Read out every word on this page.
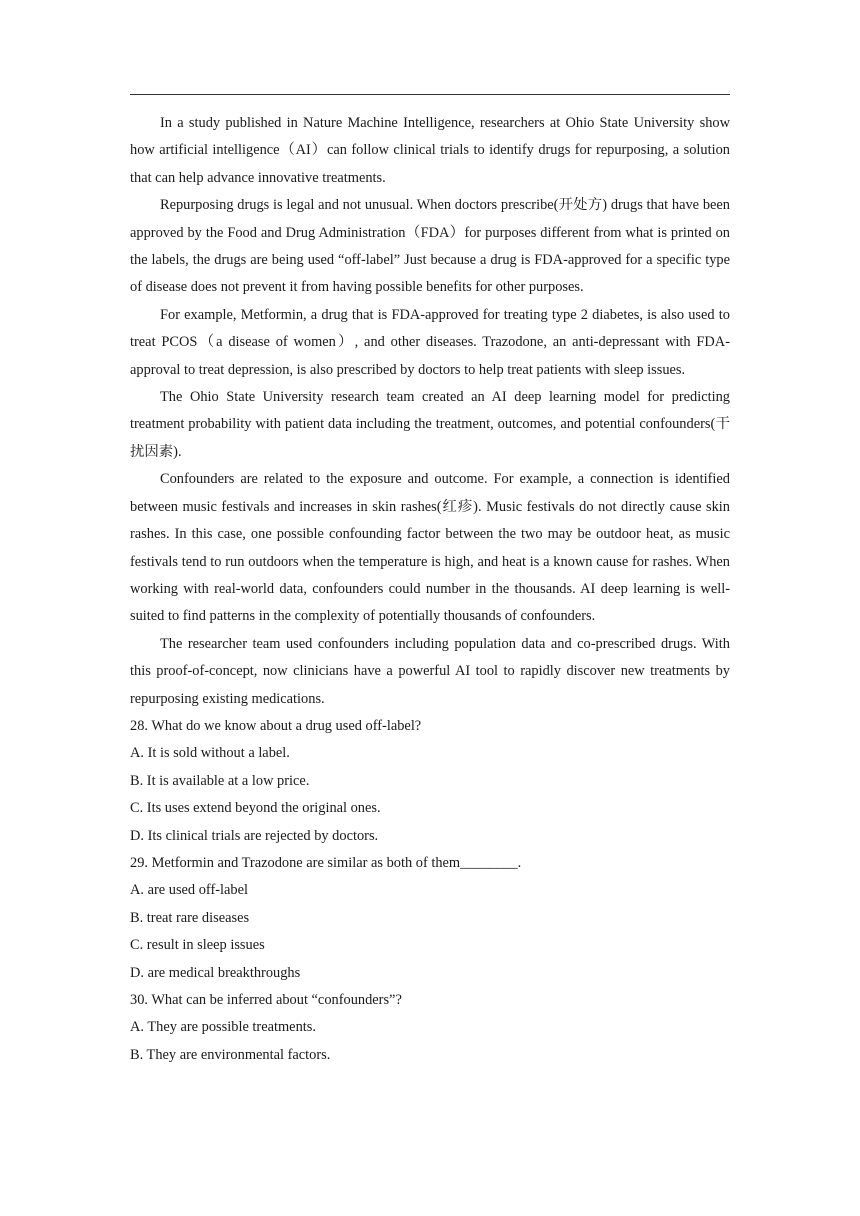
In a study published in Nature Machine Intelligence, researchers at Ohio State University show how artificial intelligence（AI）can follow clinical trials to identify drugs for repurposing, a solution that can help advance innovative treatments.

Repurposing drugs is legal and not unusual. When doctors prescribe(开处方) drugs that have been approved by the Food and Drug Administration（FDA）for purposes different from what is printed on the labels, the drugs are being used “off-label” Just because a drug is FDA-approved for a specific type of disease does not prevent it from having possible benefits for other purposes.

For example, Metformin, a drug that is FDA-approved for treating type 2 diabetes, is also used to treat PCOS（a disease of women）, and other diseases. Trazodone, an anti-depressant with FDA-approval to treat depression, is also prescribed by doctors to help treat patients with sleep issues.

The Ohio State University research team created an AI deep learning model for predicting treatment probability with patient data including the treatment, outcomes, and potential confounders(干扰因素).

Confounders are related to the exposure and outcome. For example, a connection is identified between music festivals and increases in skin rashes(红疹). Music festivals do not directly cause skin rashes. In this case, one possible confounding factor between the two may be outdoor heat, as music festivals tend to run outdoors when the temperature is high, and heat is a known cause for rashes. When working with real-world data, confounders could number in the thousands. AI deep learning is well-suited to find patterns in the complexity of potentially thousands of confounders.

The researcher team used confounders including population data and co-prescribed drugs. With this proof-of-concept, now clinicians have a powerful AI tool to rapidly discover new treatments by repurposing existing medications.

28. What do we know about a drug used off-label?

A. It is sold without a label.

B. It is available at a low price.

C. Its uses extend beyond the original ones.

D. Its clinical trials are rejected by doctors.

29. Metformin and Trazodone are similar as both of them________.

A. are used off-label

B. treat rare diseases

C. result in sleep issues

D. are medical breakthroughs

30. What can be inferred about “confounders”?

A. They are possible treatments.

B. They are environmental factors.
